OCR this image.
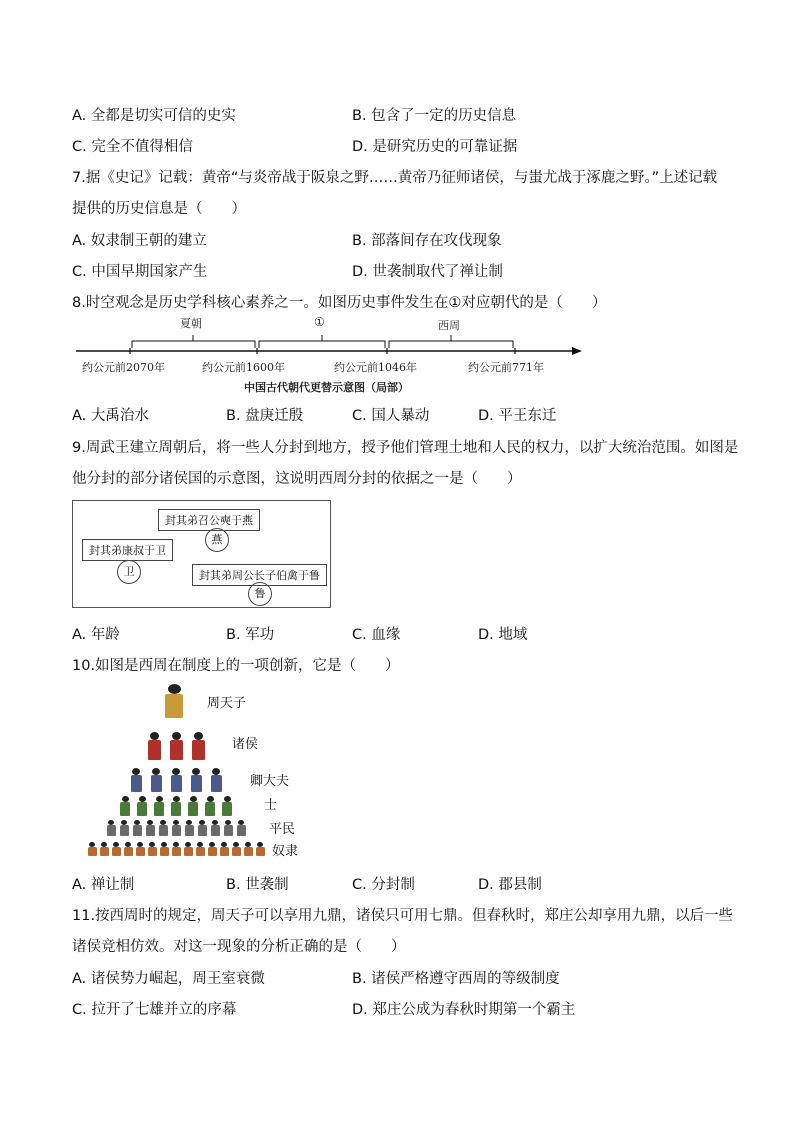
A. 全都是切实可信的史实	B. 包含了一定的历史信息
C. 完全不值得相信	D. 是研究历史的可靠证据
7.据《史记》记载：黄帝“与炎帝战于阪泉之野……黄帝乃征师诸侯，与蚩尤战于涿鹿之野。”上述记载
提供的历史信息是（　　）
A. 奴隶制王朝的建立	B. 部落间存在攻伐现象
C. 中国早期国家产生	D. 世袭制取代了禅让制
8.时空观念是历史学科核心素养之一。如图历史事件发生在①对应朝代的是（　　）
夏朝	①	西周
约公元前2070年	约公元前1600年	约公元前1046年	约公元前771年
中国古代朝代更替示意图（局部）
A. 大禹治水	B. 盘庚迁殷	C. 国人暴动	D. 平王东迁
9.周武王建立周朝后，将一些人分封到地方，授予他们管理土地和人民的权力，以扩大统治范围。如图是
他分封的部分诸侯国的示意图，这说明西周分封的依据之一是（　　）
封其弟召公奭于燕
燕
封其弟康叔于卫
卫	封其弟周公长子伯禽于鲁
鲁
A. 年龄	B. 军功	C. 血缘	D. 地域
10.如图是西周在制度上的一项创新，它是（　　）
周天子
诸侯
卿大夫
士
平民
奴隶
A. 禅让制	B. 世袭制	C. 分封制	D. 郡县制
11.按西周时的规定，周天子可以享用九鼎，诸侯只可用七鼎。但春秋时，郑庄公却享用九鼎，以后一些
诸侯竞相仿效。对这一现象的分析正确的是（　　）
A. 诸侯势力崛起，周王室衰微	B. 诸侯严格遵守西周的等级制度
C. 拉开了七雄并立的序幕	D. 郑庄公成为春秋时期第一个霸主
